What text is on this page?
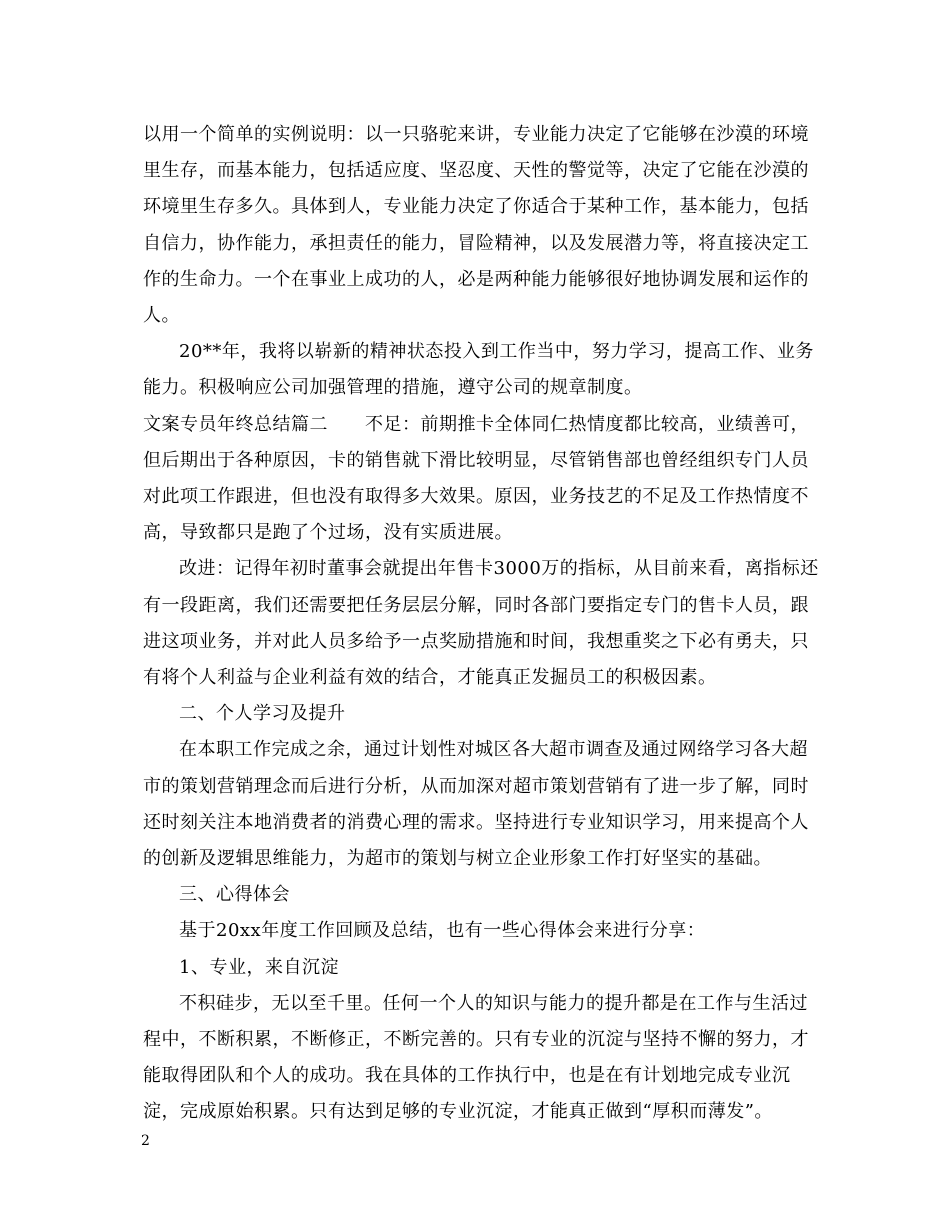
以用一个简单的实例说明：以一只骆驼来讲，专业能力决定了它能够在沙漠的环境里生存，而基本能力，包括适应度、坚忍度、天性的警觉等，决定了它能在沙漠的环境里生存多久。具体到人，专业能力决定了你适合于某种工作，基本能力，包括自信力，协作能力，承担责任的能力，冒险精神，以及发展潜力等，将直接决定工作的生命力。一个在事业上成功的人，必是两种能力能够很好地协调发展和运作的人。

20**年，我将以崭新的精神状态投入到工作当中，努力学习，提高工作、业务能力。积极响应公司加强管理的措施，遵守公司的规章制度。

文案专员年终总结篇二　　不足：前期推卡全体同仁热情度都比较高，业绩善可，但后期出于各种原因，卡的销售就下滑比较明显，尽管销售部也曾经组织专门人员对此项工作跟进，但也没有取得多大效果。原因，业务技艺的不足及工作热情度不高，导致都只是跑了个过场，没有实质进展。

改进：记得年初时董事会就提出年售卡3000万的指标，从目前来看，离指标还有一段距离，我们还需要把任务层层分解，同时各部门要指定专门的售卡人员，跟进这项业务，并对此人员多给予一点奖励措施和时间，我想重奖之下必有勇夫，只有将个人利益与企业利益有效的结合，才能真正发掘员工的积极因素。

二、个人学习及提升

在本职工作完成之余，通过计划性对城区各大超市调查及通过网络学习各大超市的策划营销理念而后进行分析，从而加深对超市策划营销有了进一步了解，同时还时刻关注本地消费者的消费心理的需求。坚持进行专业知识学习，用来提高个人的创新及逻辑思维能力，为超市的策划与树立企业形象工作打好坚实的基础。

三、心得体会

基于20xx年度工作回顾及总结，也有一些心得体会来进行分享：

1、专业，来自沉淀

不积硅步，无以至千里。任何一个人的知识与能力的提升都是在工作与生活过程中，不断积累，不断修正，不断完善的。只有专业的沉淀与坚持不懈的努力，才能取得团队和个人的成功。我在具体的工作执行中，也是在有计划地完成专业沉淀，完成原始积累。只有达到足够的专业沉淀，才能真正做到“厚积而薄发”。

2
